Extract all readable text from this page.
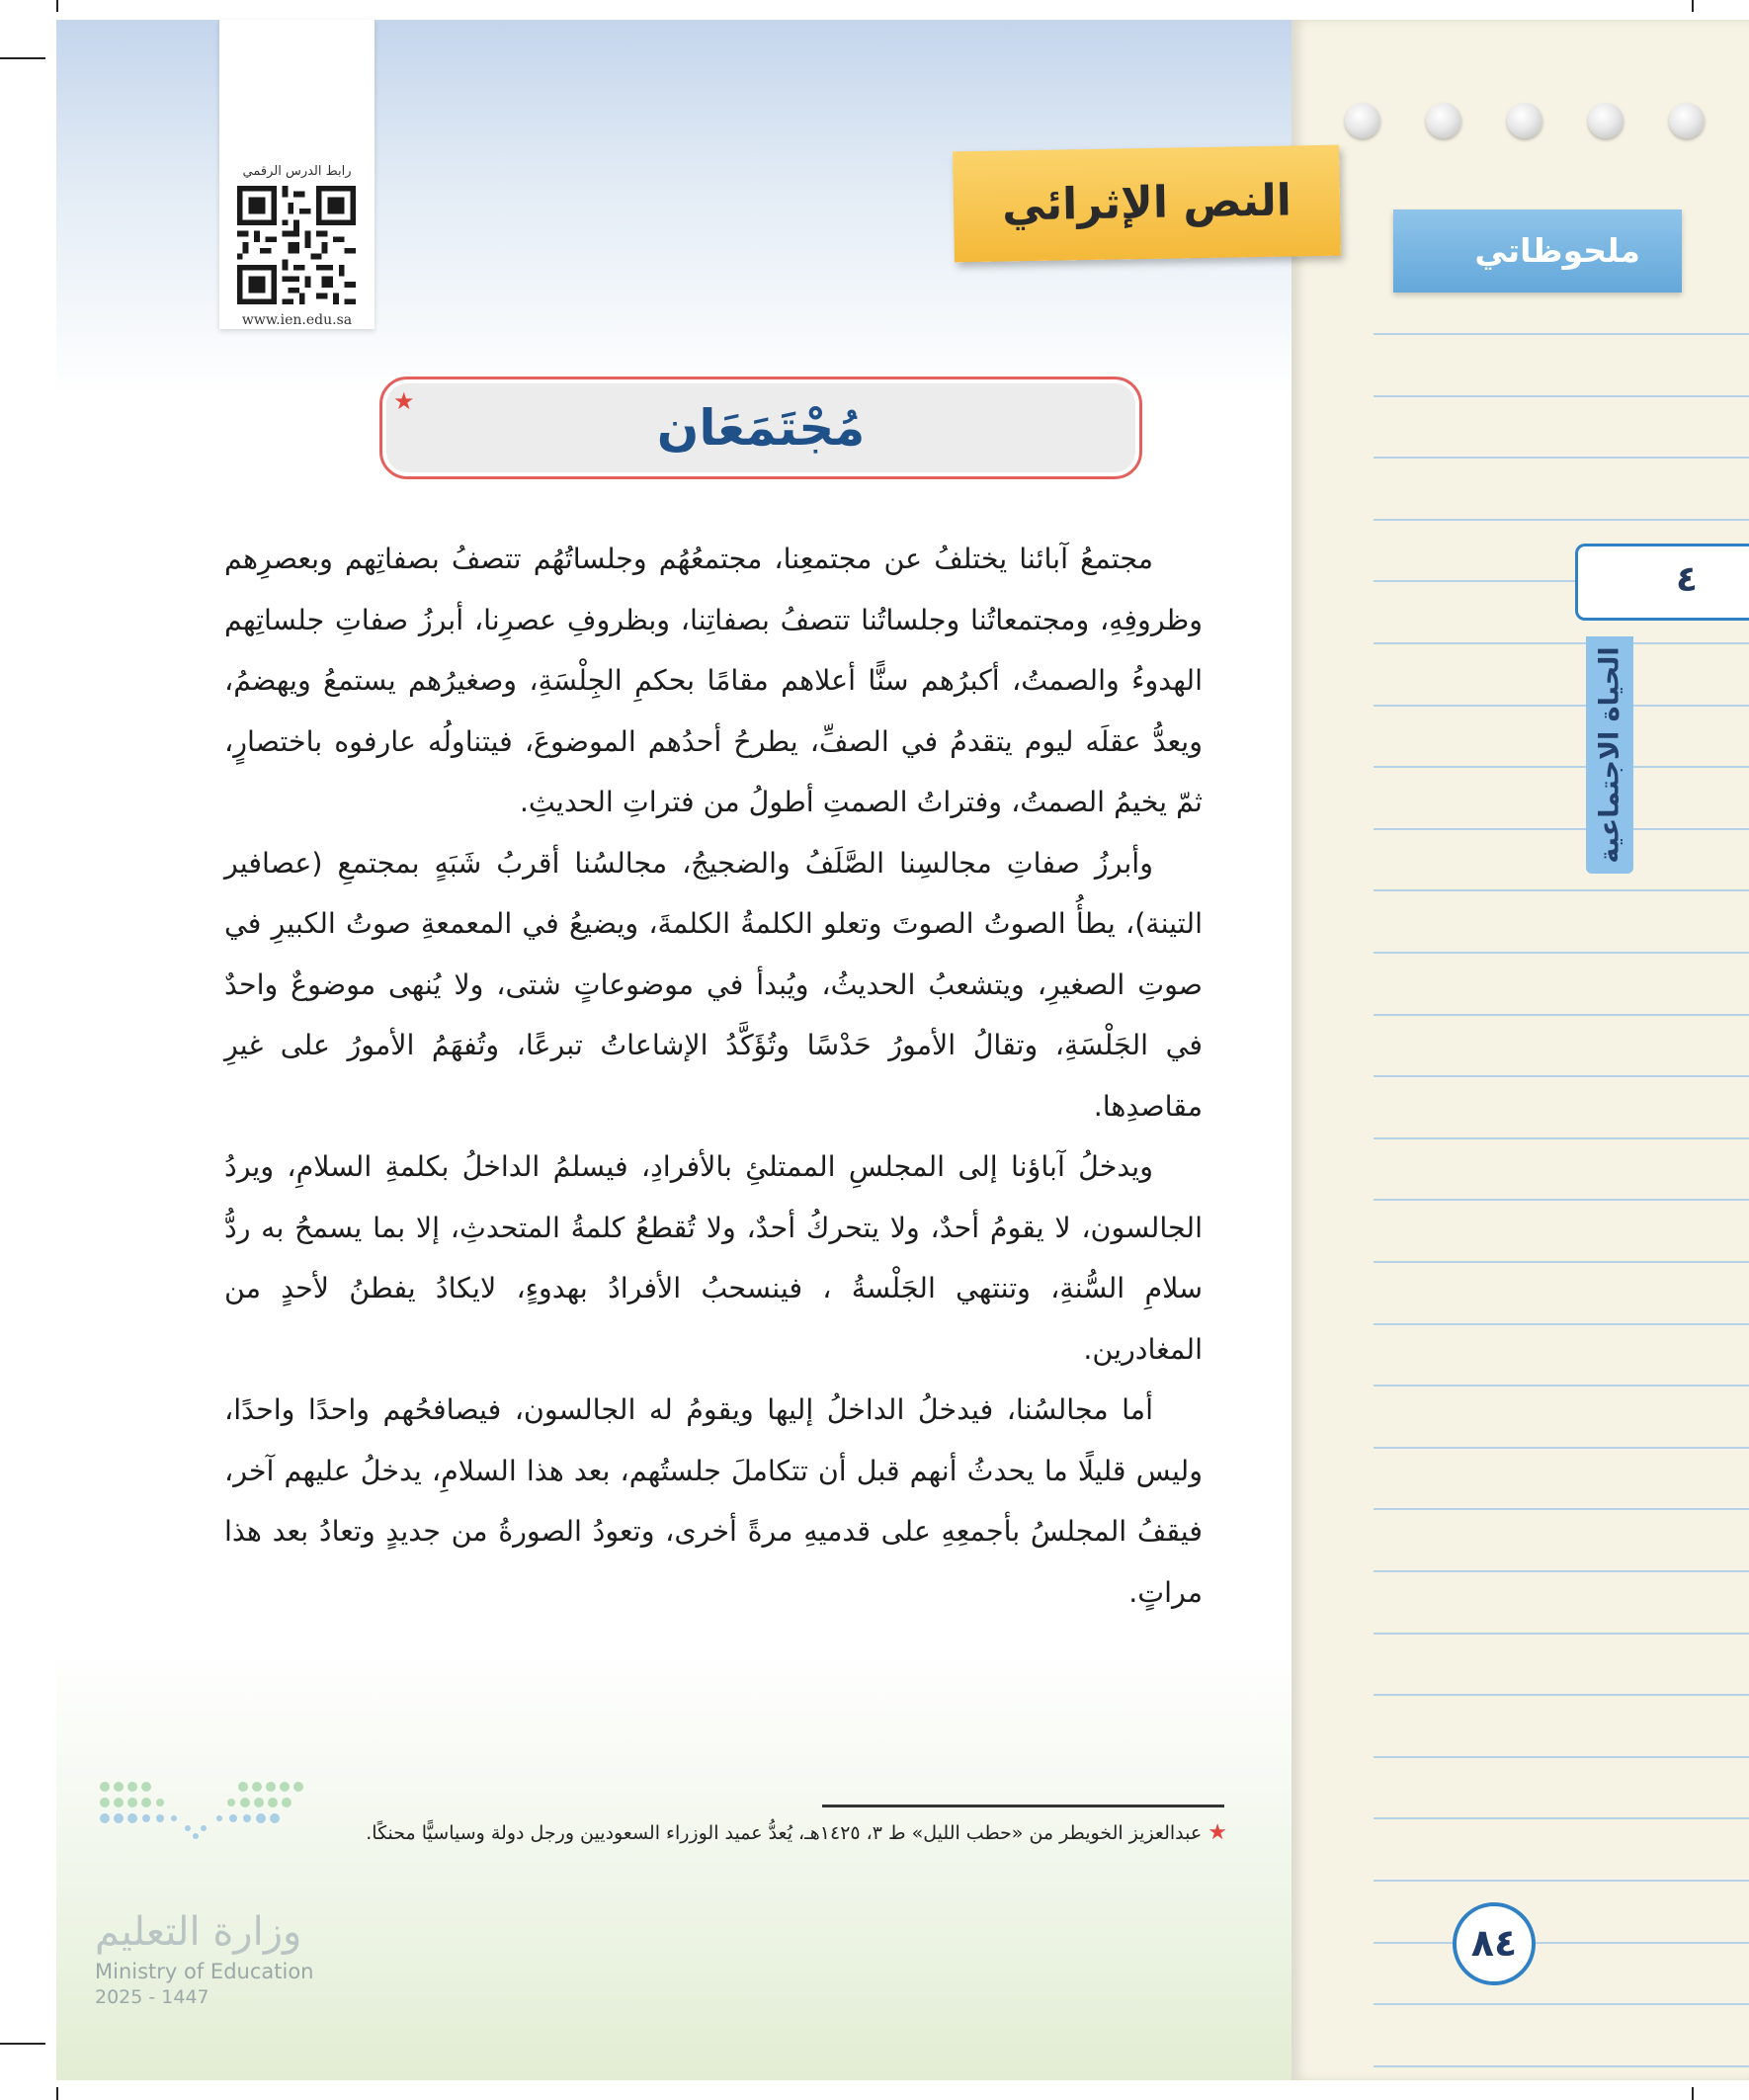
ملحوظاتي
٤
الحياة الاجتماعية
النص الإثرائي
رابط الدرس الرقمي
www.ien.edu.sa
مُجْتَمَعَان
★

مجتمعُ آبائنا يختلفُ عن مجتمعِنا، مجتمعُهُم وجلساتُهُم تتصفُ بصفاتِهم وبعصرِهم وظروفِهِ، ومجتمعاتُنا وجلساتُنا تتصفُ بصفاتِنا، وبظروفِ عصرِنا، أبرزُ صفاتِ جلساتِهم الهدوءُ والصمتُ، أكبرُهم سنًّا أعلاهم مقامًا بحكمِ الجِلْسَةِ، وصغيرُهم يستمعُ ويهضمُ، ويعدُّ عقلَه ليوم يتقدمُ في الصفِّ، يطرحُ أحدُهم الموضوعَ، فيتناولُه عارفوه باختصارٍ، ثمّ يخيمُ الصمتُ، وفتراتُ الصمتِ أطولُ من فتراتِ الحديثِ.

وأبرزُ صفاتِ مجالسِنا الصَّلَفُ والضجيجُ، مجالسُنا أقربُ شَبَهٍ بمجتمعِ (عصافير التينة)، يطأُ الصوتُ الصوتَ وتعلو الكلمةُ الكلمةَ، ويضيعُ في المعمعةِ صوتُ الكبيرِ في صوتِ الصغيرِ، ويتشعبُ الحديثُ، ويُبدأ في موضوعاتٍ شتى، ولا يُنهى موضوعٌ واحدٌ في الجَلْسَةِ، وتقالُ الأمورُ حَدْسًا وتُؤَكَّدُ الإشاعاتُ تبرعًا، وتُفهَمُ الأمورُ على غيرِ مقاصدِها.

ويدخلُ آباؤنا إلى المجلسِ الممتلئِ بالأفرادِ، فيسلمُ الداخلُ بكلمةِ السلامِ، ويردُ الجالسون، لا يقومُ أحدٌ، ولا يتحركُ أحدٌ، ولا تُقطعُ كلمةُ المتحدثِ، إلا بما يسمحُ به ردُّ سلامِ السُّنةِ، وتنتهي الجَلْسةُ ، فينسحبُ الأفرادُ بهدوءٍ، لايكادُ يفطنُ لأحدٍ من المغادرين.

أما مجالسُنا، فيدخلُ الداخلُ إليها ويقومُ له الجالسون، فيصافحُهم واحدًا واحدًا، وليس قليلًا ما يحدثُ أنهم قبل أن تتكاملَ جلستُهم، بعد هذا السلامِ، يدخلُ عليهم آخر، فيقفُ المجلسُ بأجمعِهِ على قدميهِ مرةً أخرى، وتعودُ الصورةُ من جديدٍ وتعادُ بعد هذا مراتٍ.

★ عبدالعزيز الخويطر من «حطب الليل» ط ٣، ١٤٢٥هـ، يُعدُّ عميد الوزراء السعوديين ورجل دولة وسياسيًّا محنكًا.
٨٤
وزارة التعليم
Ministry of Education
2025 - 1447
